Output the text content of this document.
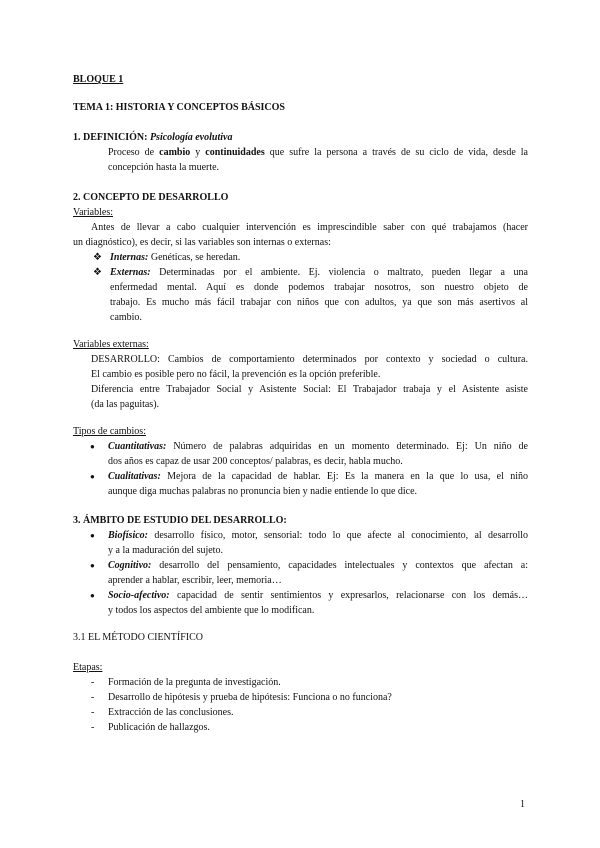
BLOQUE 1
TEMA 1: HISTORIA Y CONCEPTOS BÁSICOS
1. DEFINICIÓN: Psicología evolutiva
Proceso de cambio y continuidades que sufre la persona a través de su ciclo de vida, desde la
concepción hasta la muerte.
2. CONCEPTO DE DESARROLLO
Variables:
Antes de llevar a cabo cualquier intervención es imprescindible saber con qué trabajamos (hacer
un diagnóstico), es decir, si las variables son internas o externas:
❖ Internas: Genéticas, se heredan.
❖ Externas: Determinadas por el ambiente. Ej. violencia o maltrato, pueden llegar a una
enfermedad mental. Aquí es donde podemos trabajar nosotros, son nuestro objeto de
trabajo. Es mucho más fácil trabajar con niños que con adultos, ya que son más asertivos al
cambio.
Variables externas:
DESARROLLO: Cambios de comportamiento determinados por contexto y sociedad o cultura.
El cambio es posible pero no fácil, la prevención es la opción preferible.
Diferencia entre Trabajador Social y Asistente Social: El Trabajador trabaja y el Asistente asiste
(da las paguitas).
Tipos de cambios:
● Cuantitativas: Número de palabras adquiridas en un momento determinado. Ej: Un niño de
dos años es capaz de usar 200 conceptos/ palabras, es decir, habla mucho.
● Cualitativas: Mejora de la capacidad de hablar. Ej: Es la manera en la que lo usa, el niño
aunque diga muchas palabras no pronuncia bien y nadie entiende lo que dice.
3. ÁMBITO DE ESTUDIO DEL DESARROLLO:
● Biofísico: desarrollo físico, motor, sensorial: todo lo que afecte al conocimiento, al desarrollo
y a la maduración del sujeto.
● Cognitivo: desarrollo del pensamiento, capacidades intelectuales y contextos que afectan a:
aprender a hablar, escribir, leer, memoria…
● Socio-afectivo: capacidad de sentir sentimientos y expresarlos, relacionarse con los demás…
y todos los aspectos del ambiente que lo modifican.
3.1 EL MÉTODO CIENTÍFICO
Etapas:
- Formación de la pregunta de investigación.
- Desarrollo de hipótesis y prueba de hipótesis: Funciona o no funciona?
- Extracción de las conclusiones.
- Publicación de hallazgos.
1
